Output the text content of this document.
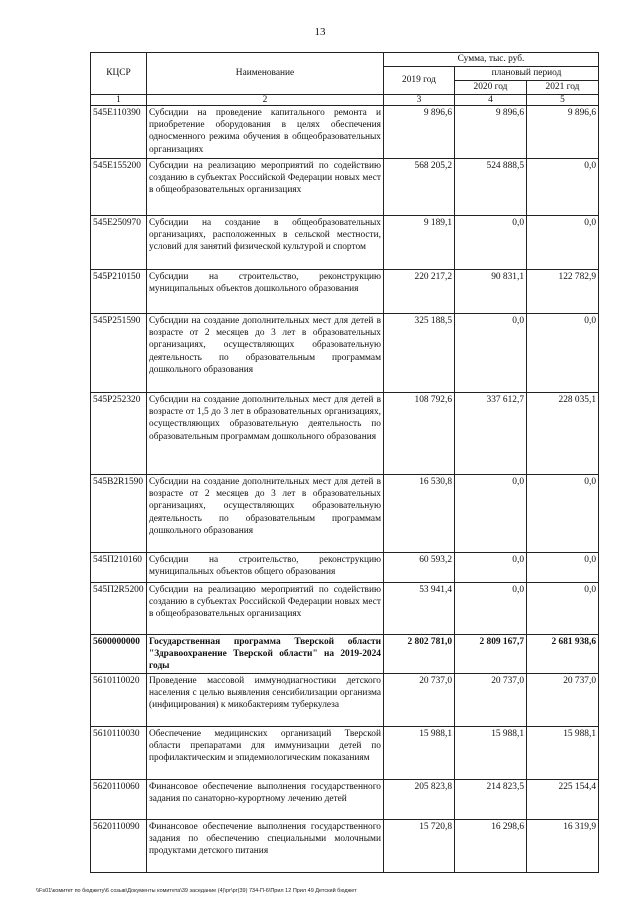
13
КЦСР	Наименование	Сумма, тыс. руб.		
		2019 год	плановый период	
			2020 год	2021 год
1	2	3	4	5
545E110390	Субсидии на проведение капитального ремонта и приобретение оборудования в целях обеспечения односменного режима обучения в общеобразовательных организациях	9 896,6	9 896,6	9 896,6
545E155200	Субсидии на реализацию мероприятий по содействию созданию в субъектах Российской Федерации новых мест в общеобразовательных организациях	568 205,2	524 888,5	0,0
545E250970	Субсидии на создание в общеобразовательных организациях, расположенных в сельской местности, условий для занятий физической культурой и спортом	9 189,1	0,0	0,0
545P210150	Субсидии на строительство, реконструкцию муниципальных объектов дошкольного образования	220 217,2	90 831,1	122 782,9
545P251590	Субсидии на создание дополнительных мест для детей в возрасте от 2 месяцев до 3 лет в образовательных организациях, осуществляющих образовательную деятельность по образовательным программам дошкольного образования	325 188,5	0,0	0,0
545P252320	Субсидии на создание дополнительных мест для детей в возрасте от 1,5 до 3 лет в образовательных организациях, осуществляющих образовательную деятельность по образовательным программам дошкольного образования	108 792,6	337 612,7	228 035,1
545B2R1590	Субсидии на создание дополнительных мест для детей в возрасте от 2 месяцев до 3 лет в образовательных организациях, осуществляющих образовательную деятельность по образовательным программам дошкольного образования	16 530,8	0,0	0,0
545П210160	Субсидии на строительство, реконструкцию муниципальных объектов общего образования	60 593,2	0,0	0,0
545П2R5200	Субсидии на реализацию мероприятий по содействию созданию в субъектах Российской Федерации новых мест в общеобразовательных организациях	53 941,4	0,0	0,0
5600000000	Государственная программа Тверской области "Здравоохранение Тверской области" на 2019-2024 годы	2 802 781,0	2 809 167,7	2 681 938,6
5610110020	Проведение массовой иммунодиагностики детского населения с целью выявления сенсибилизации организма (инфицирования) к микобактериям туберкулеза	20 737,0	20 737,0	20 737,0
5610110030	Обеспечение медицинских организаций Тверской области препаратами для иммунизации детей по профилактическим и эпидемиологическим показаниям	15 988,1	15 988,1	15 988,1
5620110060	Финансовое обеспечение выполнения государственного задания по санаторно-курортному лечению детей	205 823,8	214 823,5	225 154,4
5620110090	Финансовое обеспечение выполнения государственного задания по обеспечению специальными молочными продуктами детского питания	15 720,8	16 298,6	16 319,9
\\Fs01\комитет по бюджету\6 созыв\Документы комитета\39 заседание (4)\рг\рг(39) 734-П-6\Прил 12 Прил 49 Детский бюджет
